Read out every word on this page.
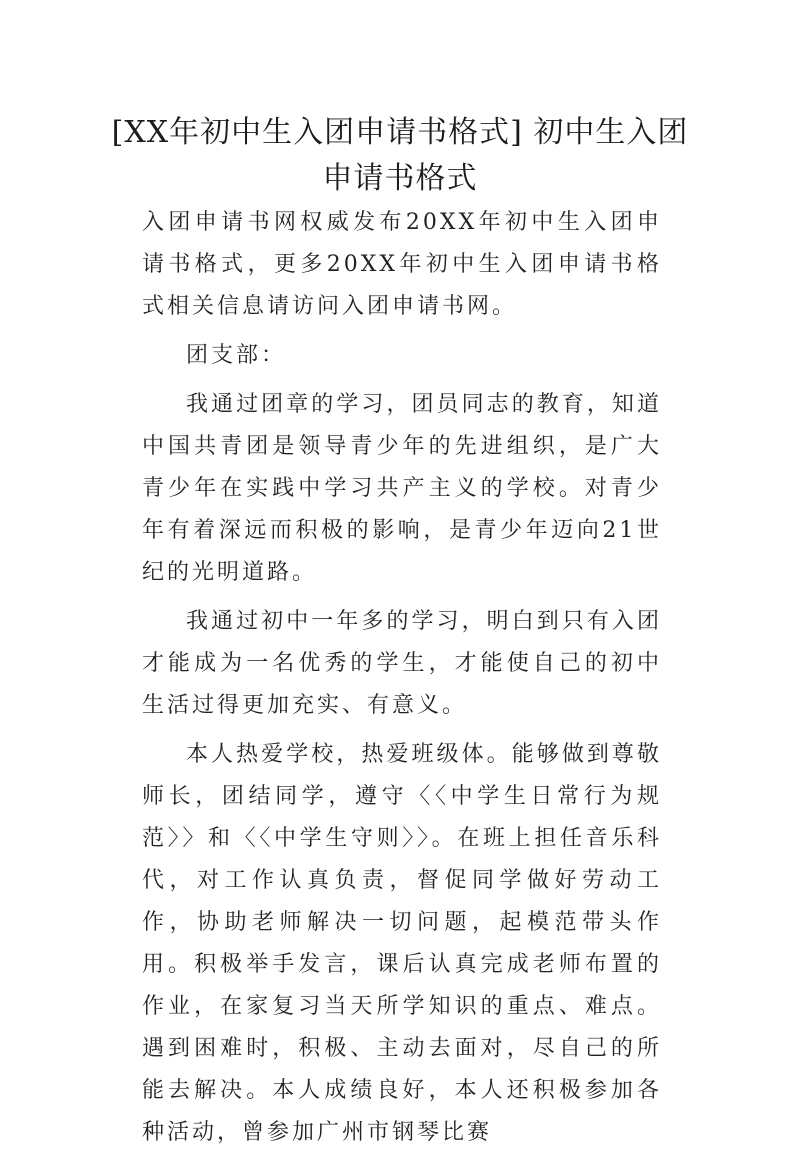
[XX年初中生入团申请书格式] 初中生入团申请书格式

入团申请书网权威发布20XX年初中生入团申请书格式，更多20XX年初中生入团申请书格式相关信息请访问入团申请书网。

团支部：

我通过团章的学习，团员同志的教育，知道中国共青团是领导青少年的先进组织，是广大青少年在实践中学习共产主义的学校。对青少年有着深远而积极的影响，是青少年迈向21世纪的光明道路。

我通过初中一年多的学习，明白到只有入团才能成为一名优秀的学生，才能使自己的初中生活过得更加充实、有意义。

本人热爱学校，热爱班级体。能够做到尊敬师长，团结同学，遵守〈〈中学生日常行为规范〉〉和〈〈中学生守则〉〉。在班上担任音乐科代，对工作认真负责，督促同学做好劳动工作，协助老师解决一切问题，起模范带头作用。积极举手发言，课后认真完成老师布置的作业，在家复习当天所学知识的重点、难点。遇到困难时，积极、主动去面对，尽自己的所能去解决。本人成绩良好，本人还积极参加各种活动，曾参加广州市钢琴比赛
